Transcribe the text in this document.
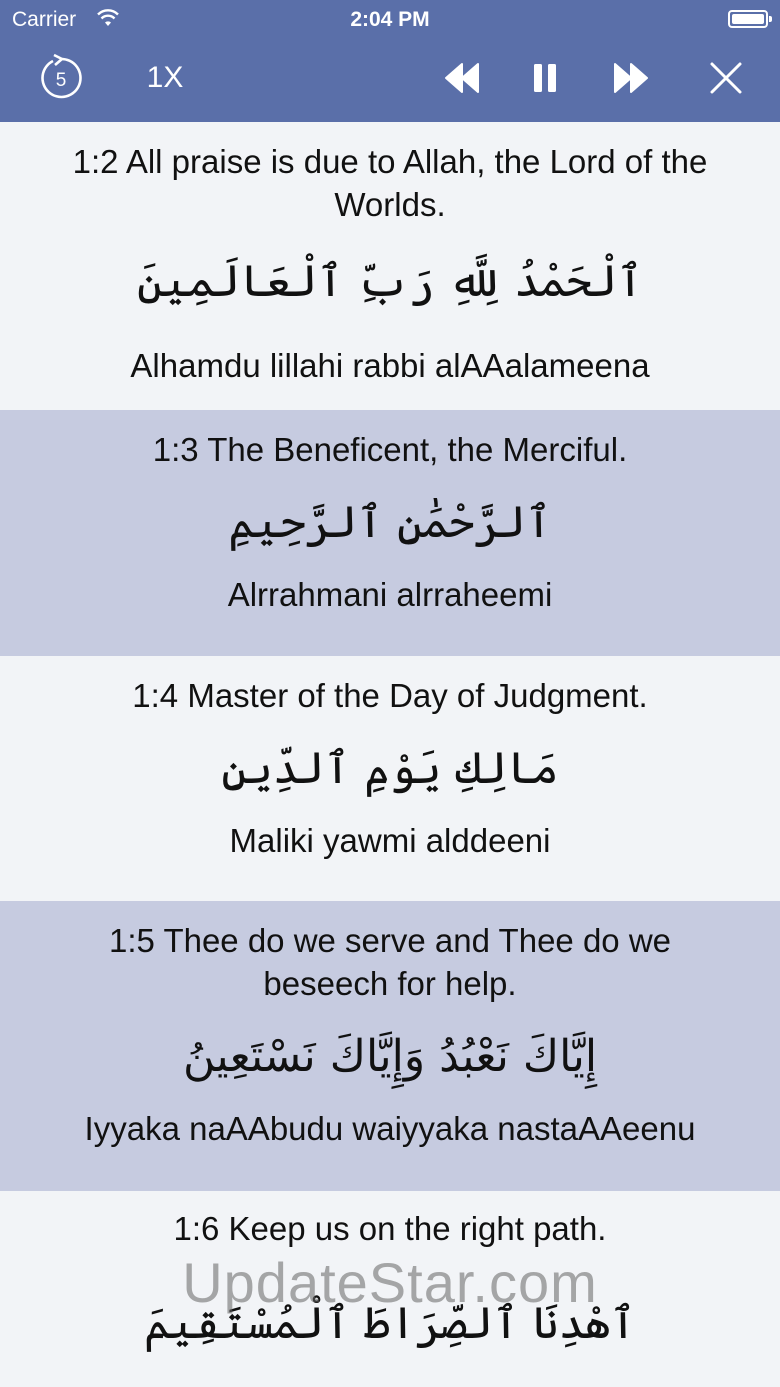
Carrier	2:04 PM
5	1X
1:2 All praise is due to Allah, the Lord of the Worlds.
ٱلْحَمْدُ لِلَّهِ رَبِّ ٱلْعَالَمِينَ
Alhamdu lillahi rabbi alAAalameena
1:3 The Beneficent, the Merciful.
ٱلرَّحْمَٰنِ ٱلرَّحِيمِ
Alrrahmani alrraheemi
1:4 Master of the Day of Judgment.
مَالِكِ يَوْمِ ٱلدِّينِ
Maliki yawmi alddeeni
1:5 Thee do we serve and Thee do we beseech for help.
إِيَّاكَ نَعْبُدُ وَإِيَّاكَ نَسْتَعِينُ
Iyyaka naAAbudu waiyyaka nastaAAeenu
1:6 Keep us on the right path.
ٱهْدِنَا ٱلصِّرَاطَ ٱلْمُسْتَقِيمَ
UpdateStar.com
